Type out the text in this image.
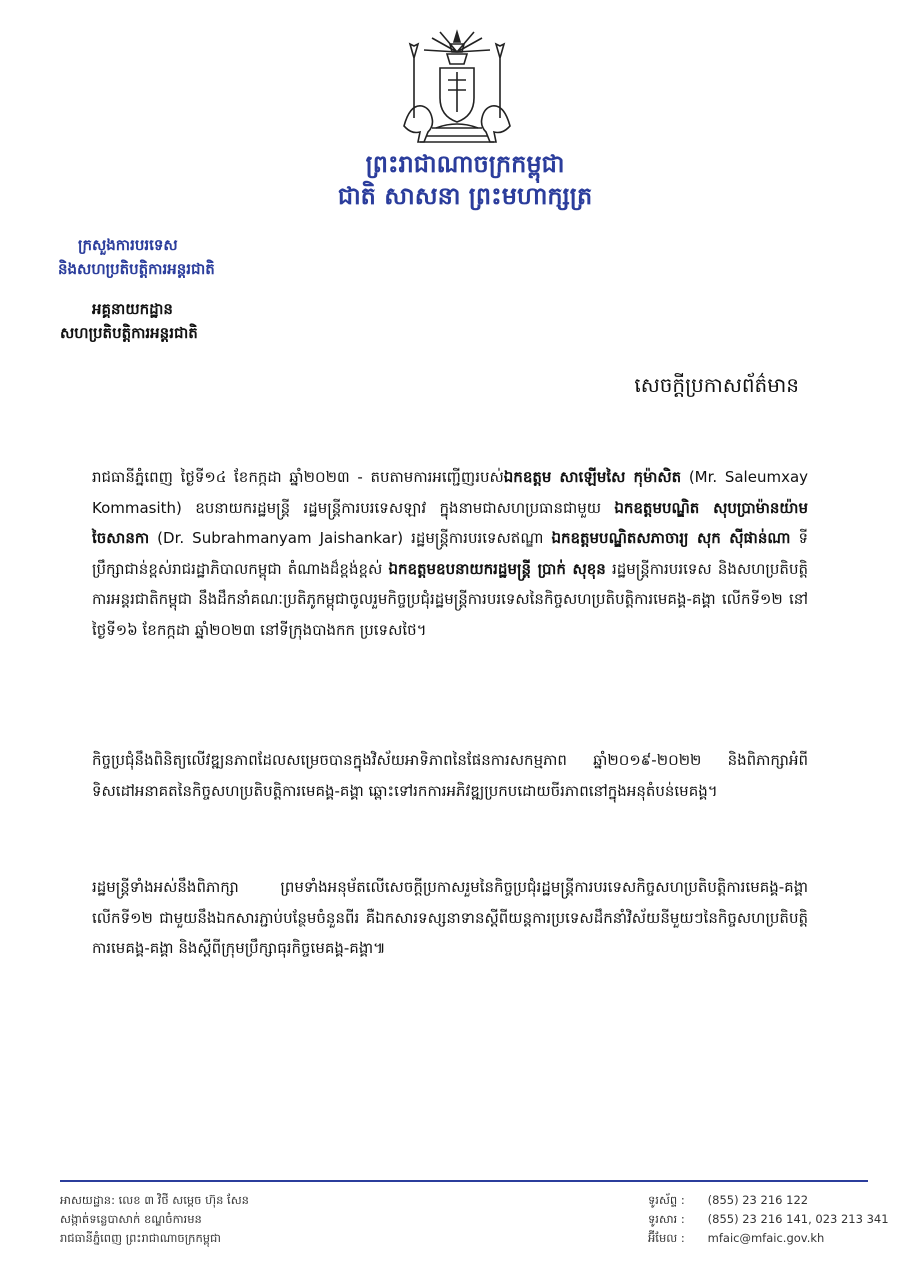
ព្រះរាជាណាចក្រកម្ពុជា
ជាតិ សាសនា ព្រះមហាក្សត្រ
ក្រសួងការបរទេស
និងសហប្រតិបត្តិការអន្តរជាតិ
អគ្គនាយកដ្ឋាន
សហប្រតិបត្តិការអន្តរជាតិ
សេចក្តីប្រកាសព័ត៌មាន
រាជធានីភ្នំពេញ ថ្ងៃទី១៤ ខែកក្កដា ឆ្នាំ២០២៣ - តបតាមការអញ្ជើញរបស់ឯកឧត្តម សាឡើមសៃ កុម៉ាសិត (Mr. Saleumxay Kommasith) ឧបនាយករដ្ឋមន្ត្រី រដ្ឋមន្ត្រីការបរទេសឡាវ ក្នុងនាមជាសហប្រធានជាមួយ ឯកឧត្តមបណ្ឌិត សុបប្រាម៉ានយ៉ាម ចៃសានកា (Dr. Subrahmanyam Jaishankar) រដ្ឋមន្ត្រីការបរទេសឥណ្ឌា ឯកឧត្តមបណ្ឌិតសភាចារ្យ សុក ស៊ីផាន់ណា ទីប្រឹក្សាជាន់ខ្ពស់រាជរដ្ឋាភិបាលកម្ពុជា តំណាងដ៏ខ្ពង់ខ្ពស់ ឯកឧត្តមឧបនាយករដ្ឋមន្ត្រី ប្រាក់ សុខុន រដ្ឋមន្ត្រីការបរទេស និងសហប្រតិបត្តិការអន្តរជាតិកម្ពុជា នឹងដឹកនាំគណៈប្រតិភូកម្ពុជាចូលរួមកិច្ចប្រជុំរដ្ឋមន្ត្រីការបរទេសនៃកិច្ចសហប្រតិបត្តិការមេគង្គ-គង្គា លើកទី១២ នៅថ្ងៃទី១៦ ខែកក្កដា ឆ្នាំ២០២៣ នៅទីក្រុងបាងកក ប្រទេសថៃ។
កិច្ចប្រជុំនឹងពិនិត្យលើវឌ្ឍនភាពដែលសម្រេចបានក្នុងវិស័យអាទិភាពនៃផែនការសកម្មភាព ឆ្នាំ២០១៩-២០២២ និងពិភាក្សាអំពីទិសដៅអនាគតនៃកិច្ចសហប្រតិបត្តិការមេគង្គ-គង្គា ឆ្ពោះទៅរកការអភិវឌ្ឍប្រកបដោយចីរភាពនៅក្នុងអនុតំបន់មេគង្គ។
រដ្ឋមន្ត្រីទាំងអស់នឹងពិភាក្សា ព្រមទាំងអនុម័តលើសេចក្តីប្រកាសរួមនៃកិច្ចប្រជុំរដ្ឋមន្ត្រីការបរទេសកិច្ចសហប្រតិបត្តិការមេគង្គ-គង្គាលើកទី១២ ជាមួយនឹងឯកសារភ្ជាប់បន្ថែមចំនួនពីរ គឺឯកសារទស្សនាទានស្តីពីយន្តការប្រទេសដឹកនាំវិស័យនីមួយៗនៃកិច្ចសហប្រតិបត្តិការមេគង្គ-គង្គា និងស្តីពីក្រុមប្រឹក្សាធុរកិច្ចមេគង្គ-គង្គា៕
អាសយដ្ឋាន: លេខ ៣ វិថី សម្តេច ហ៊ុន សែន
សង្កាត់ទន្លេបាសាក់ ខណ្ឌចំការមន
រាជធានីភ្នំពេញ ព្រះរាជាណាចក្រកម្ពុជា
ទូរស័ព្ទ : (855) 23 216 122
ទូរសារ : (855) 23 216 141, 023 213 341
អ៊ីមែល : mfaic@mfaic.gov.kh
